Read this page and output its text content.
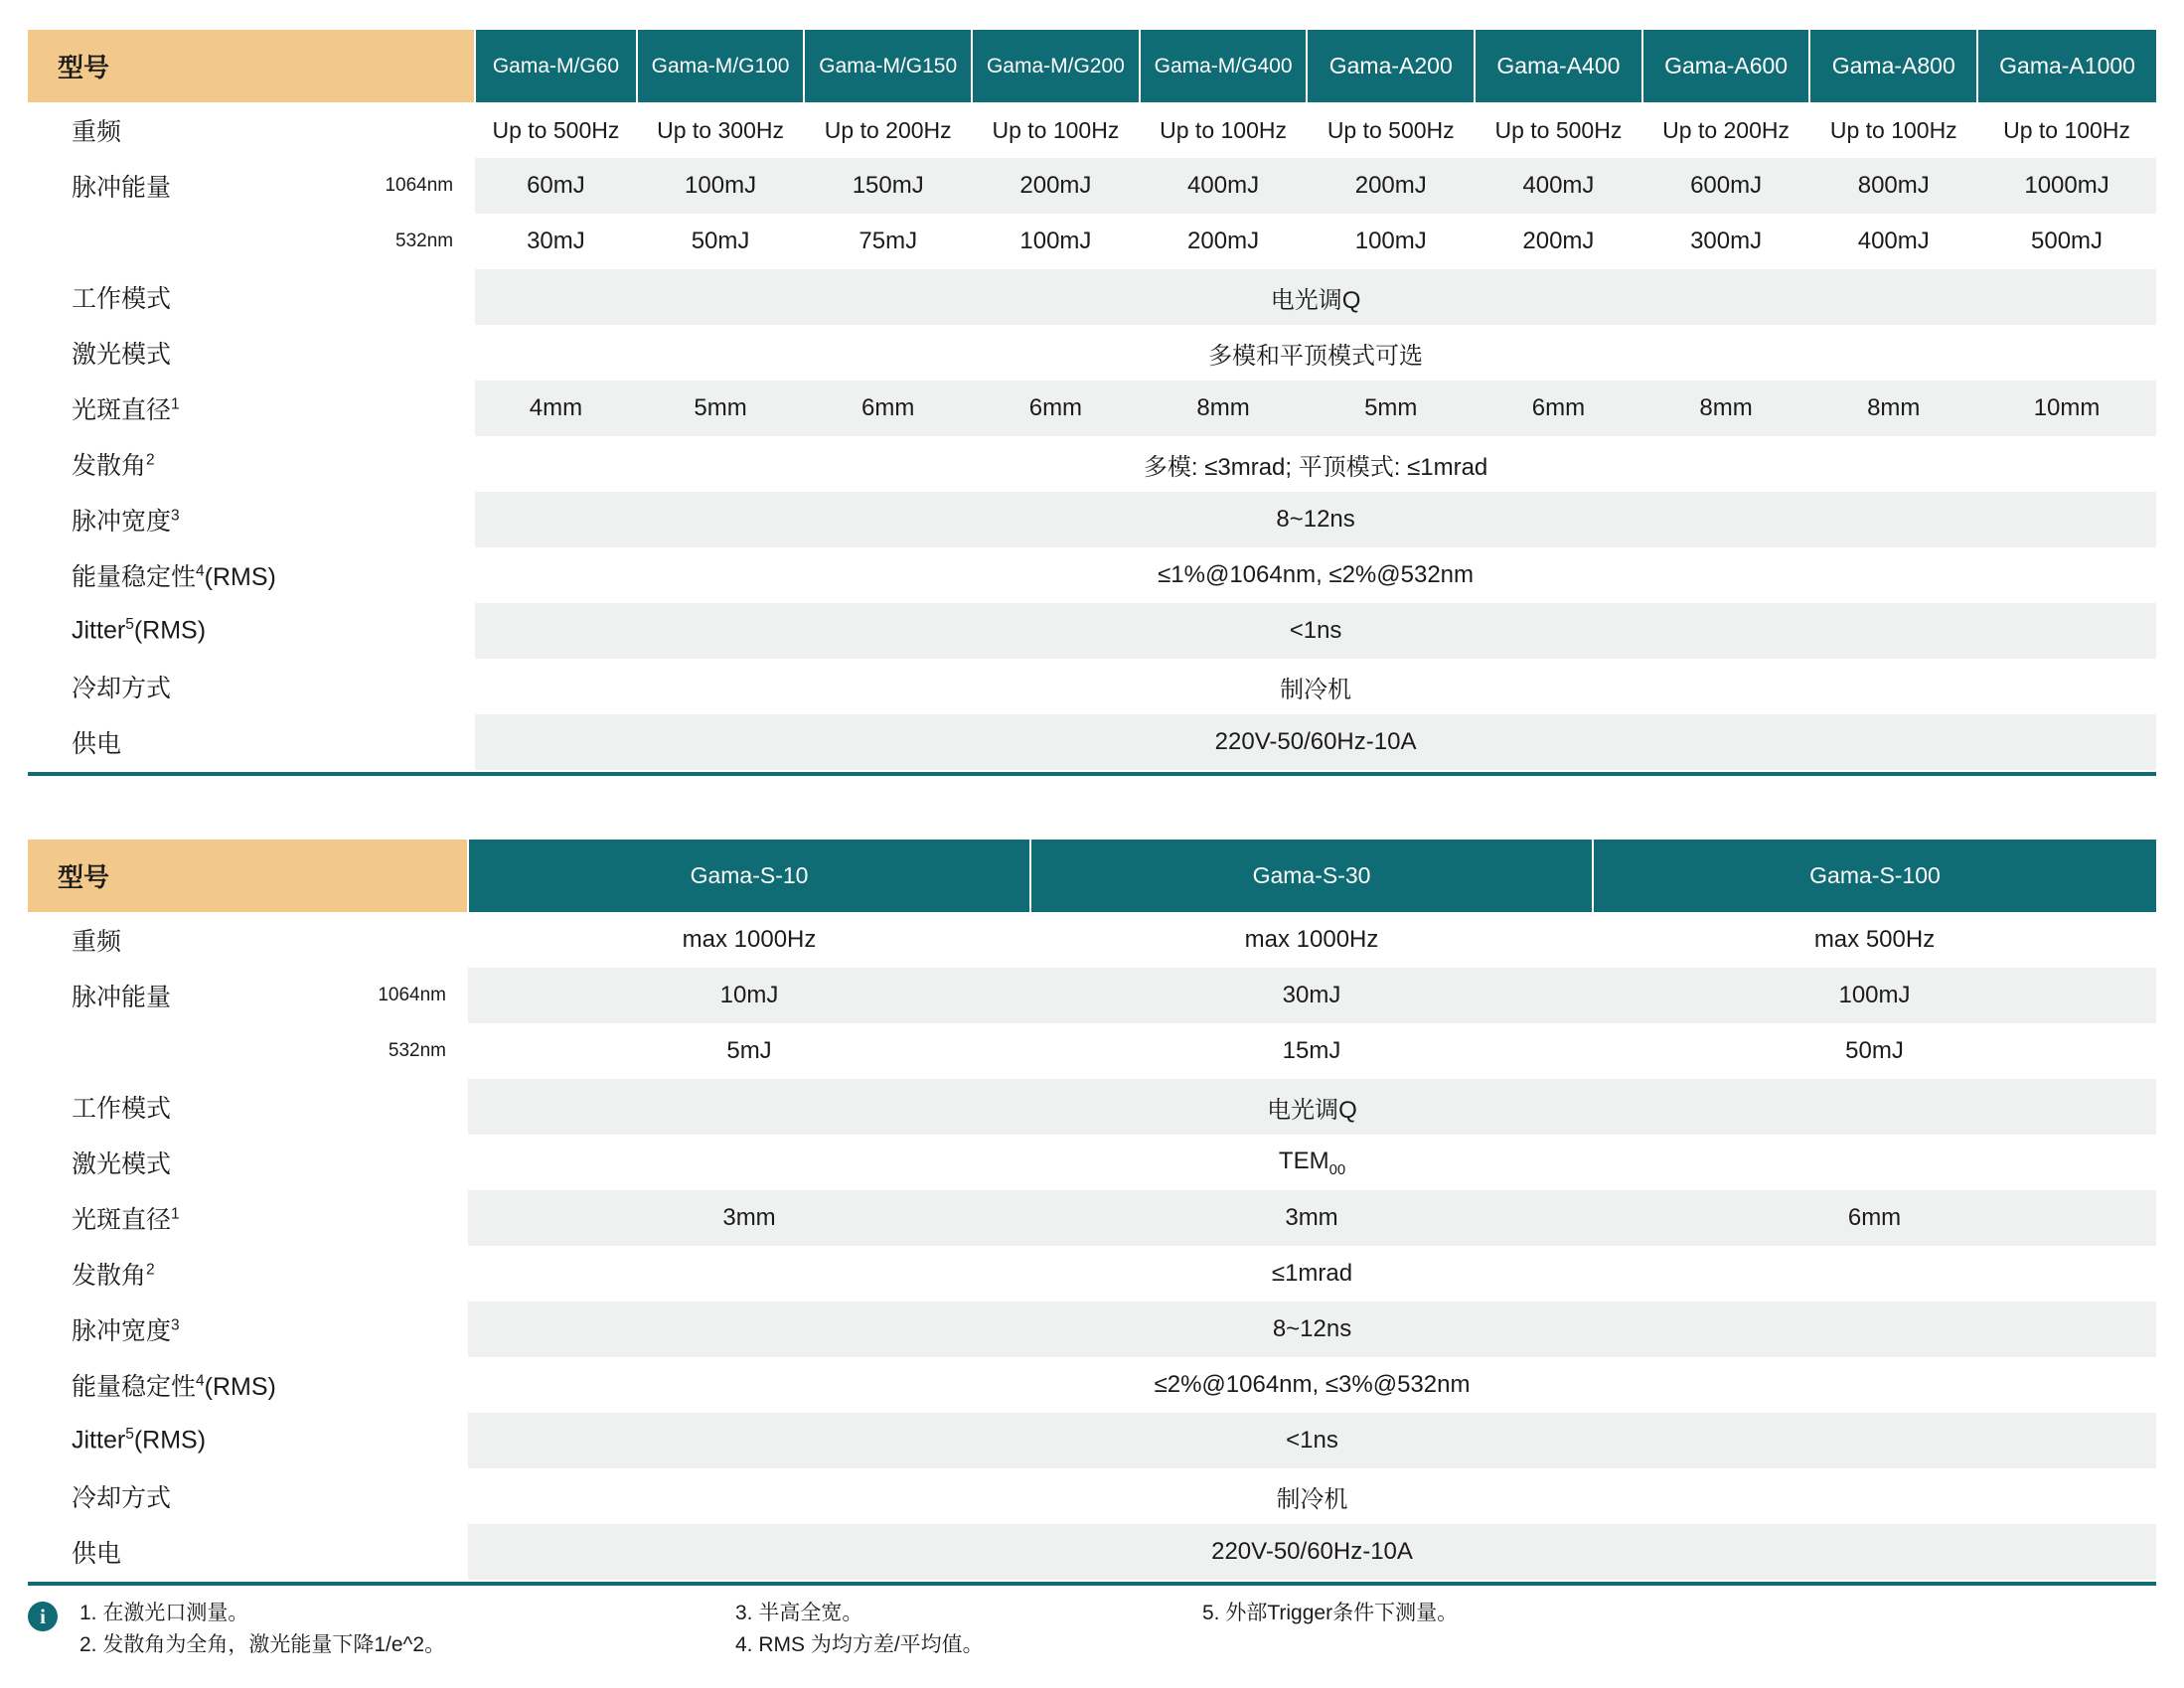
型号		Gama-M/G60	Gama-M/G100	Gama-M/G150	Gama-M/G200	Gama-M/G400	Gama-A200	Gama-A400	Gama-A600	Gama-A800	Gama-A1000
重频		Up to 500Hz	Up to 300Hz	Up to 200Hz	Up to 100Hz	Up to 100Hz	Up to 500Hz	Up to 500Hz	Up to 200Hz	Up to 100Hz	Up to 100Hz
脉冲能量	1064nm	60mJ	100mJ	150mJ	200mJ	400mJ	200mJ	400mJ	600mJ	800mJ	1000mJ
	532nm	30mJ	50mJ	75mJ	100mJ	200mJ	100mJ	200mJ	300mJ	400mJ	500mJ
工作模式		电光调Q									
激光模式		多模和平顶模式可选									
光斑直径$^1$		4mm	5mm	6mm	6mm	8mm	5mm	6mm	8mm	8mm	10mm
发散角$^2$		多模: ≤3mrad; 平顶模式: ≤1mrad									
脉冲宽度$^3$		8~12ns									
能量稳定性$^4$(RMS)		≤1%@1064nm, ≤2%@532nm									
Jitter$^5$(RMS)		<1ns									
冷却方式		制冷机									
供电		220V-50/60Hz-10A									
型号		Gama-S-10	Gama-S-30	Gama-S-100
重频		max 1000Hz	max 1000Hz	max 500Hz
脉冲能量	1064nm	10mJ	30mJ	100mJ
	532nm	5mJ	15mJ	50mJ
工作模式		电光调Q		
激光模式		$TEM_{00}$
光斑直径$^1$		3mm	3mm	6mm
发散角$^2$		≤1mrad		
脉冲宽度$^3$		8~12ns		
能量稳定性$^4$(RMS)		≤2%@1064nm, ≤3%@532nm		
Jitter$^5$(RMS)		<1ns		
冷却方式		制冷机		
供电		220V-50/60Hz-10A		
i	1. 在激光口测量。
2. 发散角为全角，激光能量下降1/e^2。
3. 半高全宽。
4. RMS 为均方差/平均值。
5. 外部Trigger条件下测量。
